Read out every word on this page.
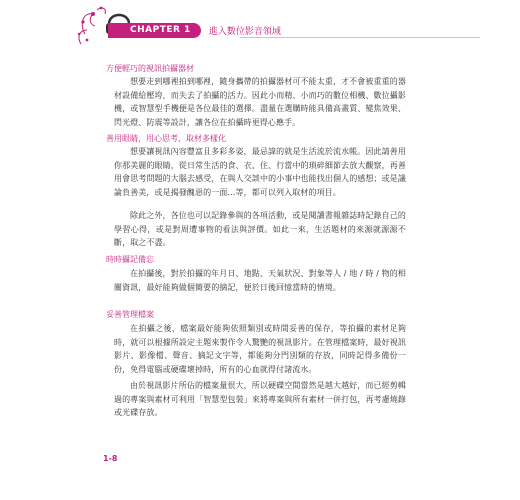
CHAPTER 1	進入數位影音領域
方便輕巧的視訊拍攝器材

想要走到哪裡拍到哪裡，隨身攜帶的拍攝器材可不能太重，才不會被重重的器材設備給壓垮，而失去了拍攝的活力。因此小而精、小而巧的數位相機、數位攝影機，或智慧型手機便是各位最佳的選擇。盡量在選購時能具備高畫質、變焦效果、閃光燈、防震等設計，讓各位在拍攝時更得心應手。

善用眼睛，用心思考，取材多樣化

想要讓視訊內容豐富且多彩多姿，最忌諱的就是生活流於流水帳。因此請善用你那美麗的眼睛，從日常生活的食、衣、住、行當中的瑣碎細節去放大觀察，再善用會思考問題的大腦去感受，在與人交談中的小事中也能找出個人的感想；或是議論負善美，或是揭發醜惡的一面…等，都可以列入取材的項目。

除此之外，各位也可以記錄參與的各項活動，或是閱讀書報雜誌時記錄自己的學習心得，或是對周遭事物的看法與評價。如此一來，生活題材的來源就源源不斷，取之不盡。

時時攝記備忘

在拍攝後，對於拍攝的年月日、地點、天氣狀況、對象等人 / 地 / 時 / 物的相關資訊，最好能夠做個簡要的摘記，便於日後回憶當時的情境。

妥善管理檔案

在拍攝之後，檔案最好能夠依照類別或時間妥善的保存，等拍攝的素材足夠時，就可以根據所設定主題來製作令人驚艷的視訊影片。在管理檔案時，最好視訊影片、影像檔、聲音、摘記文字等，都能夠分門別類的存放，同時記得多備份一份，免得電腦或硬碟壞掉時，所有的心血就得付諸流水。

由於視訊影片所佔的檔案量很大，所以硬碟空間當然是越大越好，而已經剪輯過的專案與素材可利用「智慧型包裝」來將專案與所有素材一併打包，再考慮燒錄或光碟存放。

1-8
